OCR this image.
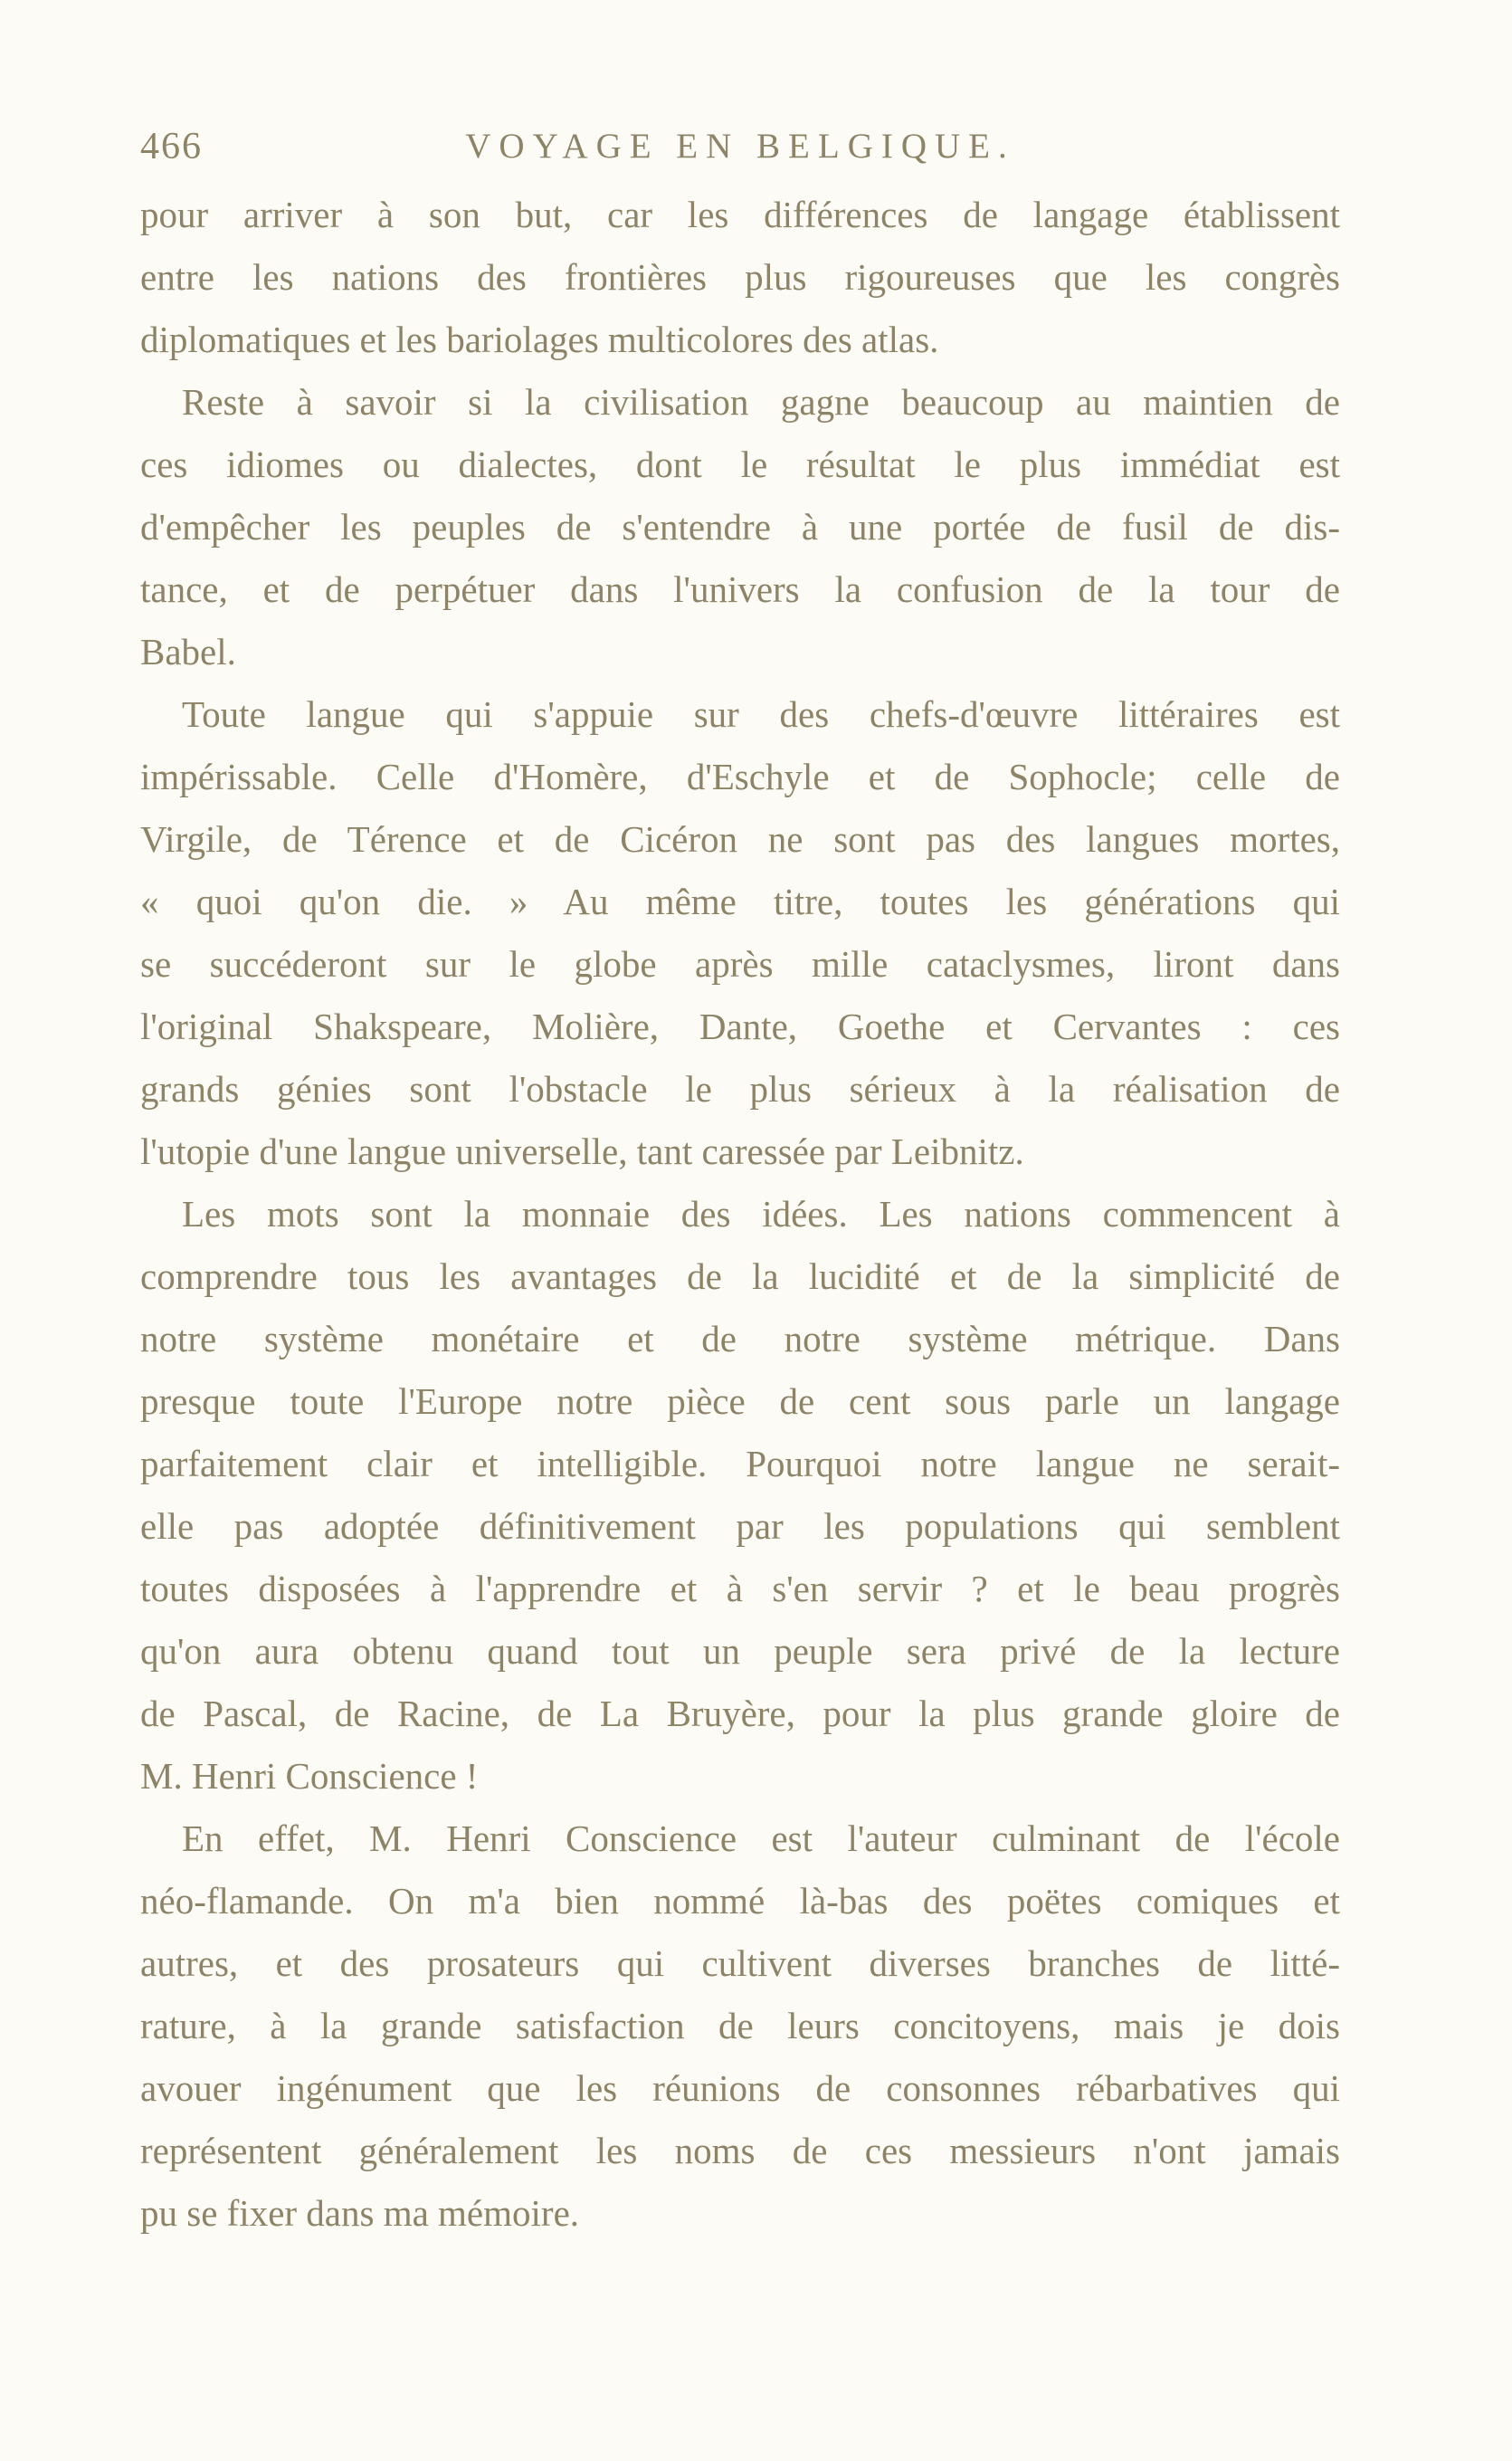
466	VOYAGE EN BELGIQUE.
pour arriver à son but, car les différences de langage établissent
entre les nations des frontières plus rigoureuses que les congrès
diplomatiques et les bariolages multicolores des atlas.
Reste à savoir si la civilisation gagne beaucoup au maintien de
ces idiomes ou dialectes, dont le résultat le plus immédiat est
d'empêcher les peuples de s'entendre à une portée de fusil de dis-
tance, et de perpétuer dans l'univers la confusion de la tour de
Babel.
Toute langue qui s'appuie sur des chefs-d'œuvre littéraires est
impérissable. Celle d'Homère, d'Eschyle et de Sophocle; celle de
Virgile, de Térence et de Cicéron ne sont pas des langues mortes,
« quoi qu'on die. » Au même titre, toutes les générations qui
se succéderont sur le globe après mille cataclysmes, liront dans
l'original Shakspeare, Molière, Dante, Goethe et Cervantes : ces
grands génies sont l'obstacle le plus sérieux à la réalisation de
l'utopie d'une langue universelle, tant caressée par Leibnitz.
Les mots sont la monnaie des idées. Les nations commencent à
comprendre tous les avantages de la lucidité et de la simplicité de
notre système monétaire et de notre système métrique. Dans
presque toute l'Europe notre pièce de cent sous parle un langage
parfaitement clair et intelligible. Pourquoi notre langue ne serait-
elle pas adoptée définitivement par les populations qui semblent
toutes disposées à l'apprendre et à s'en servir ? et le beau progrès
qu'on aura obtenu quand tout un peuple sera privé de la lecture
de Pascal, de Racine, de La Bruyère, pour la plus grande gloire de
M. Henri Conscience !
En effet, M. Henri Conscience est l'auteur culminant de l'école
néo-flamande. On m'a bien nommé là-bas des poëtes comiques et
autres, et des prosateurs qui cultivent diverses branches de litté-
rature, à la grande satisfaction de leurs concitoyens, mais je dois
avouer ingénument que les réunions de consonnes rébarbatives qui
représentent généralement les noms de ces messieurs n'ont jamais
pu se fixer dans ma mémoire.
